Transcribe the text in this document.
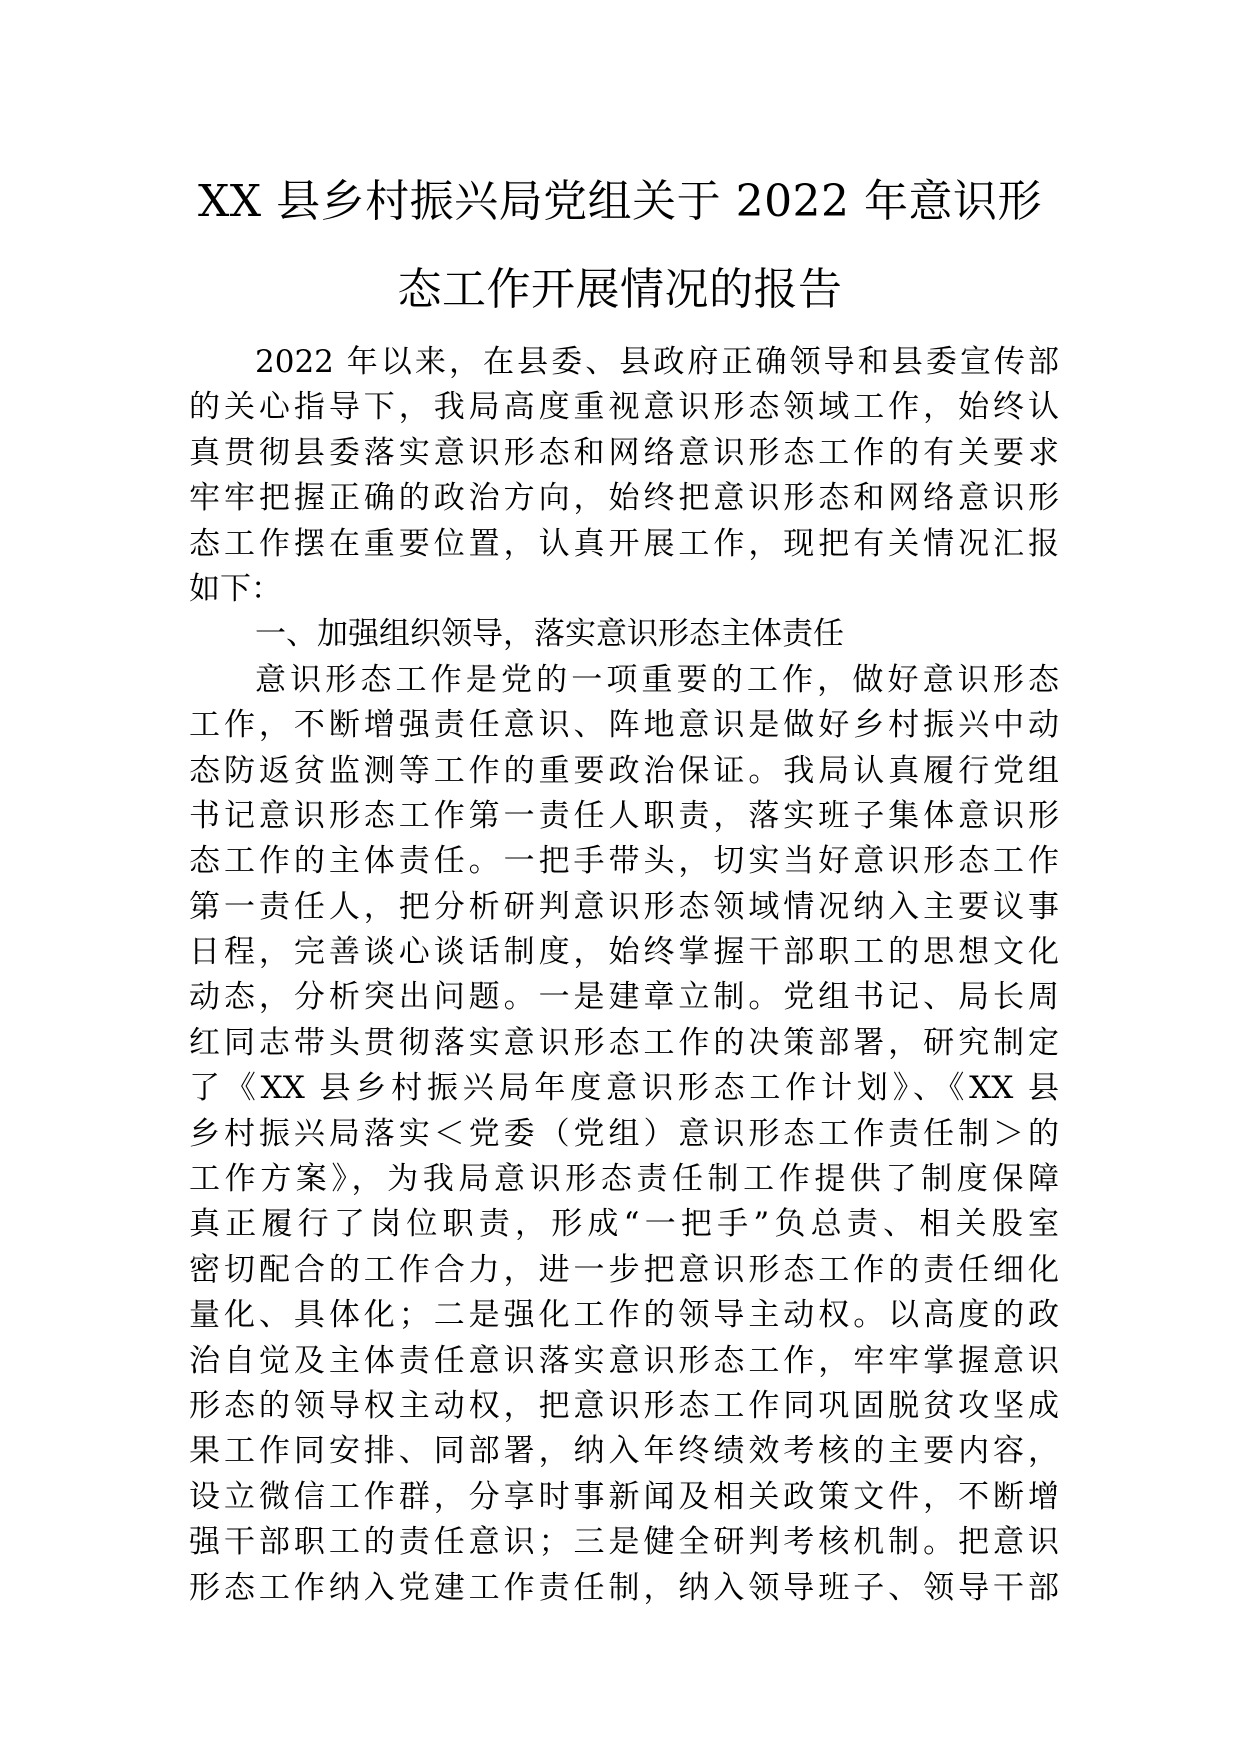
XX 县乡村振兴局党组关于 2022 年意识形
态工作开展情况的报告
2022 年以来，在县委、县政府正确领导和县委宣传部
的关心指导下，我局高度重视意识形态领域工作，始终认
真贯彻县委落实意识形态和网络意识形态工作的有关要求
牢牢把握正确的政治方向，始终把意识形态和网络意识形
态工作摆在重要位置，认真开展工作，现把有关情况汇报
如下：
一、加强组织领导，落实意识形态主体责任
意识形态工作是党的一项重要的工作，做好意识形态
工作，不断增强责任意识、阵地意识是做好乡村振兴中动
态防返贫监测等工作的重要政治保证。我局认真履行党组
书记意识形态工作第一责任人职责，落实班子集体意识形
态工作的主体责任。一把手带头，切实当好意识形态工作
第一责任人，把分析研判意识形态领域情况纳入主要议事
日程，完善谈心谈话制度，始终掌握干部职工的思想文化
动态，分析突出问题。一是建章立制。党组书记、局长周
红同志带头贯彻落实意识形态工作的决策部署，研究制定
了《XX 县乡村振兴局年度意识形态工作计划》、《XX 县
乡村振兴局落实＜党委（党组）意识形态工作责任制＞的
工作方案》，为我局意识形态责任制工作提供了制度保障
真正履行了岗位职责，形成“一把手”负总责、相关股室
密切配合的工作合力，进一步把意识形态工作的责任细化
量化、具体化；二是强化工作的领导主动权。以高度的政
治自觉及主体责任意识落实意识形态工作，牢牢掌握意识
形态的领导权主动权，把意识形态工作同巩固脱贫攻坚成
果工作同安排、同部署，纳入年终绩效考核的主要内容，
设立微信工作群，分享时事新闻及相关政策文件，不断增
强干部职工的责任意识；三是健全研判考核机制。把意识
形态工作纳入党建工作责任制，纳入领导班子、领导干部
